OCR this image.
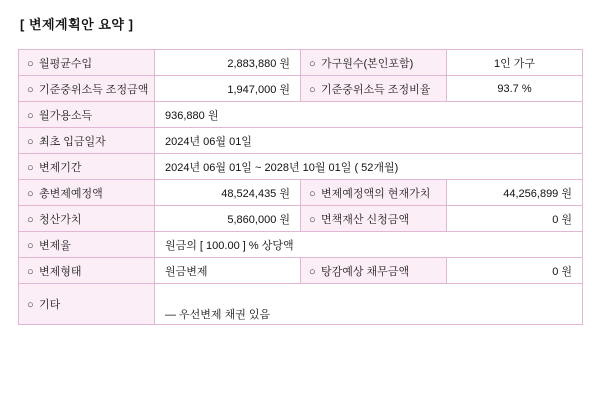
[ 변제계획안 요약 ]
○ 월평균수입	2,883,880 원	○ 가구원수(본인포함)	1인 가구
○ 기준중위소득 조정금액	1,947,000 원	○ 기준중위소득 조정비율	93.7 %
○ 월가용소득	936,880 원		
○ 최초 입금일자	2024년 06월 01일		
○ 변제기간	2024년 06월 01일 ~ 2028년 10월 01일 ( 52개월)		
○ 총변제예정액	48,524,435 원	○ 변제예정액의 현재가치	44,256,899 원
○ 청산가치	5,860,000 원	○ 면책재산 신청금액	0 원
○ 변제율	원금의 [ 100.00 ] % 상당액		
○ 변제형태	원금변제	○ 탕감예상 채무금액	0 원
○ 기타	— 우선변제 채권 있음		
